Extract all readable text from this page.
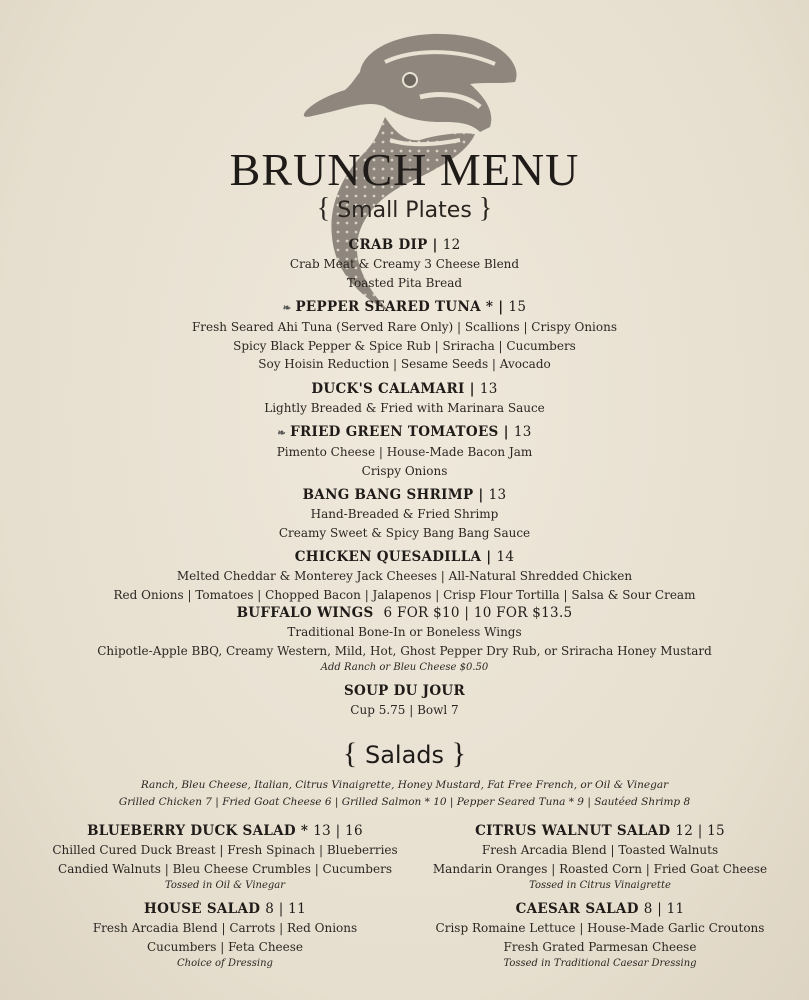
BRUNCH MENU
{ Small Plates }
CRAB DIP | 12
Crab Meat & Creamy 3 Cheese Blend
Toasted Pita Bread
❧ PEPPER SEARED TUNA * | 15
Fresh Seared Ahi Tuna (Served Rare Only) | Scallions | Crispy Onions
Spicy Black Pepper & Spice Rub | Sriracha | Cucumbers
Soy Hoisin Reduction | Sesame Seeds | Avocado
DUCK'S CALAMARI | 13
Lightly Breaded & Fried with Marinara Sauce
❧ FRIED GREEN TOMATOES | 13
Pimento Cheese | House-Made Bacon Jam
Crispy Onions
BANG BANG SHRIMP | 13
Hand-Breaded & Fried Shrimp
Creamy Sweet & Spicy Bang Bang Sauce
CHICKEN QUESADILLA | 14
Melted Cheddar & Monterey Jack Cheeses | All-Natural Shredded Chicken
Red Onions | Tomatoes | Chopped Bacon | Jalapenos | Crisp Flour Tortilla | Salsa & Sour Cream
BUFFALO WINGS 6 FOR $10 | 10 FOR $13.5
Traditional Bone-In or Boneless Wings
Chipotle-Apple BBQ, Creamy Western, Mild, Hot, Ghost Pepper Dry Rub, or Sriracha Honey Mustard
Add Ranch or Bleu Cheese $0.50
SOUP DU JOUR
Cup 5.75 | Bowl 7
{ Salads }
Ranch, Bleu Cheese, Italian, Citrus Vinaigrette, Honey Mustard, Fat Free French, or Oil & Vinegar
Grilled Chicken 7 | Fried Goat Cheese 6 | Grilled Salmon * 10 | Pepper Seared Tuna * 9 | Sautéed Shrimp 8
BLUEBERRY DUCK SALAD * 13 | 16
Chilled Cured Duck Breast | Fresh Spinach | Blueberries
Candied Walnuts | Bleu Cheese Crumbles | Cucumbers
Tossed in Oil & Vinegar
HOUSE SALAD 8 | 11
Fresh Arcadia Blend | Carrots | Red Onions
Cucumbers | Feta Cheese
Choice of Dressing
CITRUS WALNUT SALAD 12 | 15
Fresh Arcadia Blend | Toasted Walnuts
Mandarin Oranges | Roasted Corn | Fried Goat Cheese
Tossed in Citrus Vinaigrette
CAESAR SALAD 8 | 11
Crisp Romaine Lettuce | House-Made Garlic Croutons
Fresh Grated Parmesan Cheese
Tossed in Traditional Caesar Dressing
